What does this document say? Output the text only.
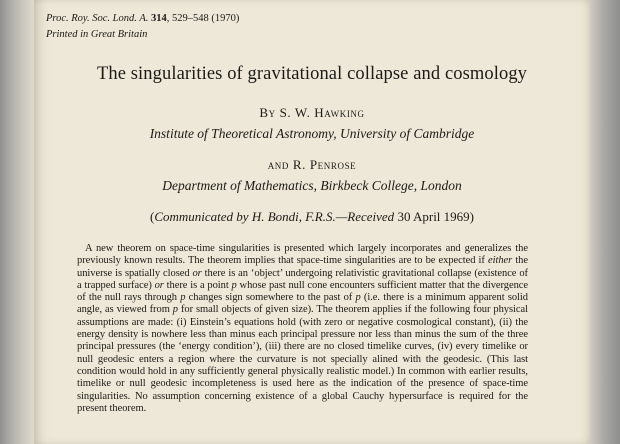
Proc. Roy. Soc. Lond. A. 314, 529–548 (1970)
Printed in Great Britain
The singularities of gravitational collapse and cosmology
By S. W. Hawking
Institute of Theoretical Astronomy, University of Cambridge
and R. Penrose
Department of Mathematics, Birkbeck College, London
(Communicated by H. Bondi, F.R.S.—Received 30 April 1969)
A new theorem on space-time singularities is presented which largely incorporates and generalizes the previously known results. The theorem implies that space-time singularities are to be expected if either the universe is spatially closed or there is an ‘object’ undergoing relativistic gravitational collapse (existence of a trapped surface) or there is a point p whose past null cone encounters sufficient matter that the divergence of the null rays through p changes sign somewhere to the past of p (i.e. there is a minimum apparent solid angle, as viewed from p for small objects of given size). The theorem applies if the following four physical assumptions are made: (i) Einstein’s equations hold (with zero or negative cosmological constant), (ii) the energy density is nowhere less than minus each principal pressure nor less than minus the sum of the three principal pressures (the ‘energy condition’), (iii) there are no closed timelike curves, (iv) every timelike or null geodesic enters a region where the curvature is not specially alined with the geodesic. (This last condition would hold in any sufficiently general physically realistic model.) In common with earlier results, timelike or null geodesic incompleteness is used here as the indication of the presence of space-time singularities. No assumption concerning existence of a global Cauchy hypersurface is required for the present theorem.
